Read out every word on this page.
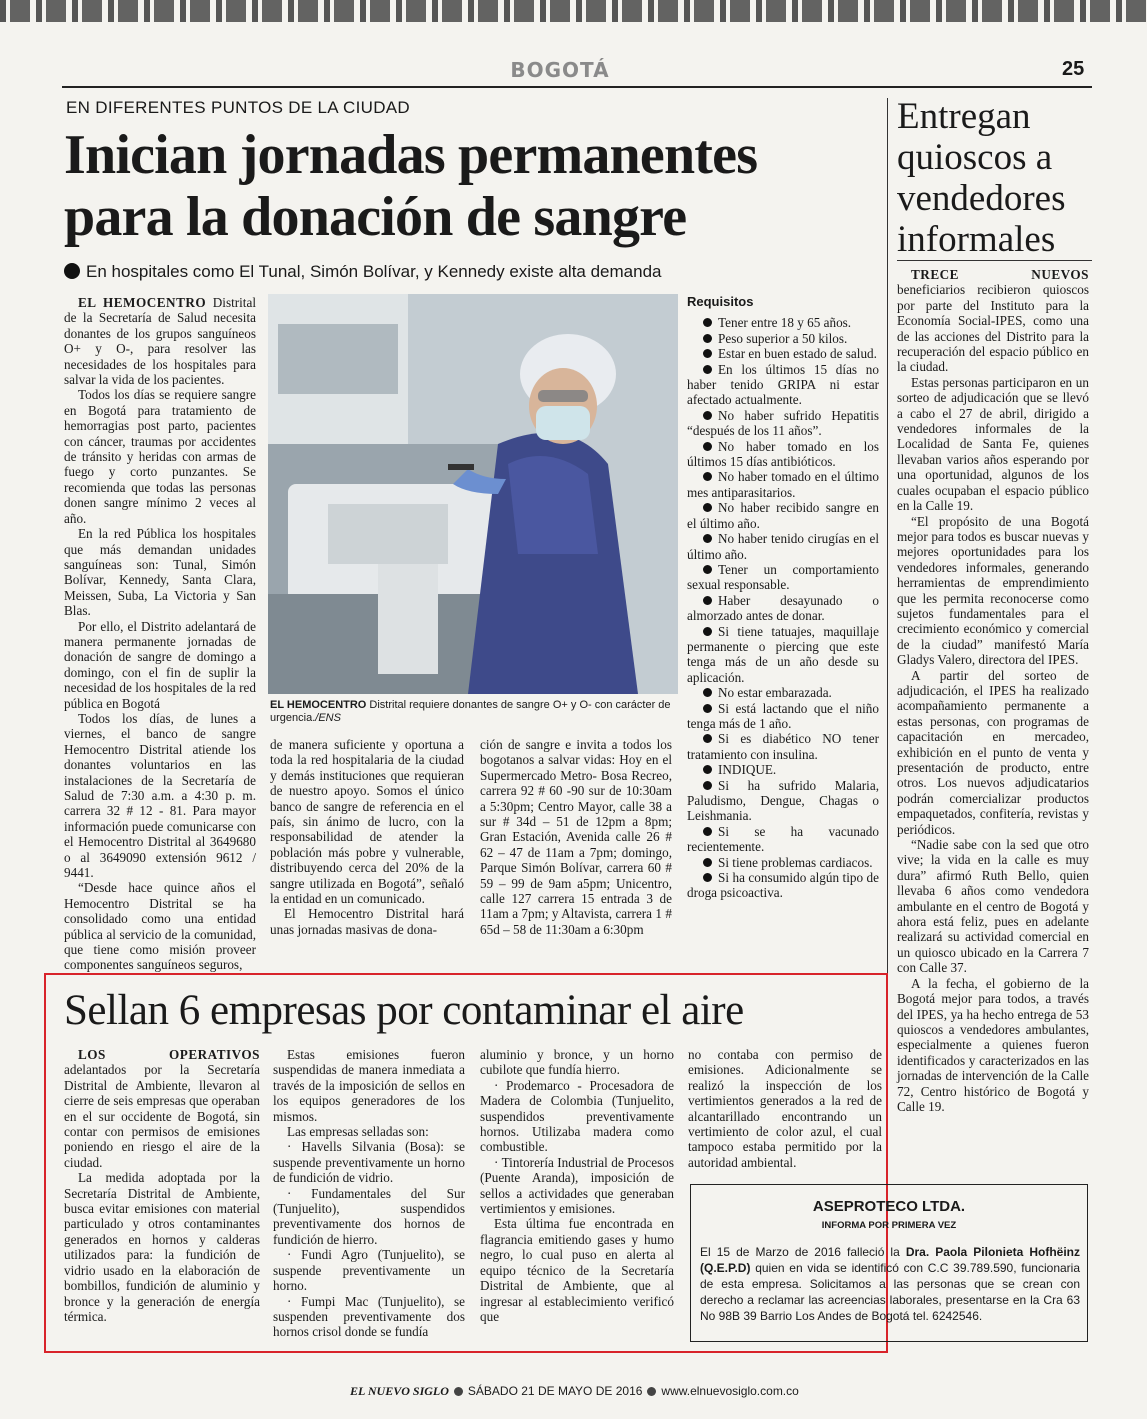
BOGOTÁ	25
EN DIFERENTES PUNTOS DE LA CIUDAD
Inician jornadas permanentes para la donación de sangre
En hospitales como El Tunal, Simón Bolívar, y Kennedy existe alta demanda

EL HEMOCENTRO Distrital de la Secretaría de Salud necesita donantes de los grupos sanguíneos O+ y O-, para resolver las necesidades de los hospitales para salvar la vida de los pacientes.

Todos los días se requiere sangre en Bogotá para tratamiento de hemorragias post parto, pacientes con cáncer, traumas por accidentes de tránsito y heridas con armas de fuego y corto punzantes. Se recomienda que todas las personas donen sangre mínimo 2 veces al año.

En la red Pública los hospitales que más demandan unidades sanguíneas son: Tunal, Simón Bolívar, Kennedy, Santa Clara, Meissen, Suba, La Victoria y San Blas.

Por ello, el Distrito adelantará de manera permanente jornadas de donación de sangre de domingo a domingo, con el fin de suplir la necesidad de los hospitales de la red pública en Bogotá

Todos los días, de lunes a viernes, el banco de sangre Hemocentro Distrital atiende los donantes voluntarios en las instalaciones de la Secretaría de Salud de 7:30 a.m. a 4:30 p. m. carrera 32 # 12 - 81. Para mayor información puede comunicarse con el Hemocentro Distrital al 3649680 o al 3649090 extensión 9612 / 9441.

“Desde hace quince años el Hemocentro Distrital se ha consolidado como una entidad pública al servicio de la comunidad, que tiene como misión proveer componentes sanguíneos seguros,

EL HEMOCENTRO Distrital requiere donantes de sangre O+ y O- con carácter de urgencia./ENS

de manera suficiente y oportuna a toda la red hospitalaria de la ciudad y demás instituciones que requieran de nuestro apoyo. Somos el único banco de sangre de referencia en el país, sin ánimo de lucro, con la responsabilidad de atender la población más pobre y vulnerable, distribuyendo cerca del 20% de la sangre utilizada en Bogotá”, señaló la entidad en un comunicado.

El Hemocentro Distrital hará unas jornadas masivas de dona-

ción de sangre e invita a todos los bogotanos a salvar vidas: Hoy en el Supermercado Metro- Bosa Recreo, carrera 92 # 60 -90 sur de 10:30am a 5:30pm; Centro Mayor, calle 38 a sur # 34d – 51 de 12pm a 8pm; Gran Estación, Avenida calle 26 # 62 – 47 de 11am a 7pm; domingo, Parque Simón Bolívar, carrera 60 # 59 – 99 de 9am a5pm; Unicentro, calle 127 carrera 15 entrada 3 de 11am a 7pm; y Altavista, carrera 1 # 65d – 58 de 11:30am a 6:30pm

Requisitos

Tener entre 18 y 65 años.

Peso superior a 50 kilos.

Estar en buen estado de salud.

En los últimos 15 días no haber tenido GRIPA ni estar afectado actualmente.

No haber sufrido Hepatitis “después de los 11 años”.

No haber tomado en los últimos 15 días antibióticos.

No haber tomado en el último mes antiparasitarios.

No haber recibido sangre en el último año.

No haber tenido cirugías en el último año.

Tener un comportamiento sexual responsable.

Haber desayunado o almorzado antes de donar.

Si tiene tatuajes, maquillaje permanente o piercing que este tenga más de un año desde su aplicación.

No estar embarazada.

Si está lactando que el niño tenga más de 1 año.

Si es diabético NO tener tratamiento con insulina.

INDIQUE.

Si ha sufrido Malaria, Paludismo, Dengue, Chagas o Leishmania.

Si se ha vacunado recientemente.

Si tiene problemas cardiacos.

Si ha consumido algún tipo de droga psicoactiva.

Entregan quioscos a vendedores informales

TRECE NUEVOS beneficiarios recibieron quioscos por parte del Instituto para la Economía Social-IPES, como una de las acciones del Distrito para la recuperación del espacio público en la ciudad.

Estas personas participaron en un sorteo de adjudicación que se llevó a cabo el 27 de abril, dirigido a vendedores informales de la Localidad de Santa Fe, quienes llevaban varios años esperando por una oportunidad, algunos de los cuales ocupaban el espacio público en la Calle 19.

“El propósito de una Bogotá mejor para todos es buscar nuevas y mejores oportunidades para los vendedores informales, generando herramientas de emprendimiento que les permita reconocerse como sujetos fundamentales para el crecimiento económico y comercial de la ciudad” manifestó María Gladys Valero, directora del IPES.

A partir del sorteo de adjudicación, el IPES ha realizado acompañamiento permanente a estas personas, con programas de capacitación en mercadeo, exhibición en el punto de venta y presentación de producto, entre otros. Los nuevos adjudicatarios podrán comercializar productos empaquetados, confitería, revistas y periódicos.

“Nadie sabe con la sed que otro vive; la vida en la calle es muy dura” afirmó Ruth Bello, quien llevaba 6 años como vendedora ambulante en el centro de Bogotá y ahora está feliz, pues en adelante realizará su actividad comercial en un quiosco ubicado en la Carrera 7 con Calle 37.

A la fecha, el gobierno de la Bogotá mejor para todos, a través del IPES, ya ha hecho entrega de 53 quioscos a vendedores ambulantes, especialmente a quienes fueron identificados y caracterizados en las jornadas de intervención de la Calle 72, Centro histórico de Bogotá y Calle 19.

Sellan 6 empresas por contaminar el aire

LOS OPERATIVOS adelantados por la Secretaría Distrital de Ambiente, llevaron al cierre de seis empresas que operaban en el sur occidente de Bogotá, sin contar con permisos de emisiones poniendo en riesgo el aire de la ciudad.

La medida adoptada por la Secretaría Distrital de Ambiente, busca evitar emisiones con material particulado y otros contaminantes generados en hornos y calderas utilizados para: la fundición de vidrio usado en la elaboración de bombillos, fundición de aluminio y bronce y la generación de energía térmica.

Estas emisiones fueron suspendidas de manera inmediata a través de la imposición de sellos en los equipos generadores de los mismos.

Las empresas selladas son:

· Havells Silvania (Bosa): se suspende preventivamente un horno de fundición de vidrio.

· Fundamentales del Sur (Tunjuelito), suspendidos preventivamente dos hornos de fundición de hierro.

· Fundi Agro (Tunjuelito), se suspende preventivamente un horno.

· Fumpi Mac (Tunjuelito), se suspenden preventivamente dos hornos crisol donde se fundía

aluminio y bronce, y un horno cubilote que fundía hierro.

· Prodemarco - Procesadora de Madera de Colombia (Tunjuelito, suspendidos preventivamente hornos. Utilizaba madera como combustible.

· Tintorería Industrial de Procesos (Puente Aranda), imposición de sellos a actividades que generaban vertimientos y emisiones.

Esta última fue encontrada en flagrancia emitiendo gases y humo negro, lo cual puso en alerta al equipo técnico de la Secretaría Distrital de Ambiente, que al ingresar al establecimiento verificó que

no contaba con permiso de emisiones. Adicionalmente se realizó la inspección de los vertimientos generados a la red de alcantarillado encontrando un vertimiento de color azul, el cual tampoco estaba permitido por la autoridad ambiental.

ASEPROTECO LTDA.
INFORMA POR PRIMERA VEZ
El 15 de Marzo de 2016 falleció la Dra. Paola Pilonieta Hofhëinz (Q.E.P.D) quien en vida se identificó con C.C 39.789.590, funcionaria de esta empresa. Solicitamos a las personas que se crean con derecho a reclamar las acreencias laborales, presentarse en la Cra 63 No 98B 39 Barrio Los Andes de Bogotá tel. 6242546.
EL NUEVO SIGLO SÁBADO 21 DE MAYO DE 2016 www.elnuevosiglo.com.co
